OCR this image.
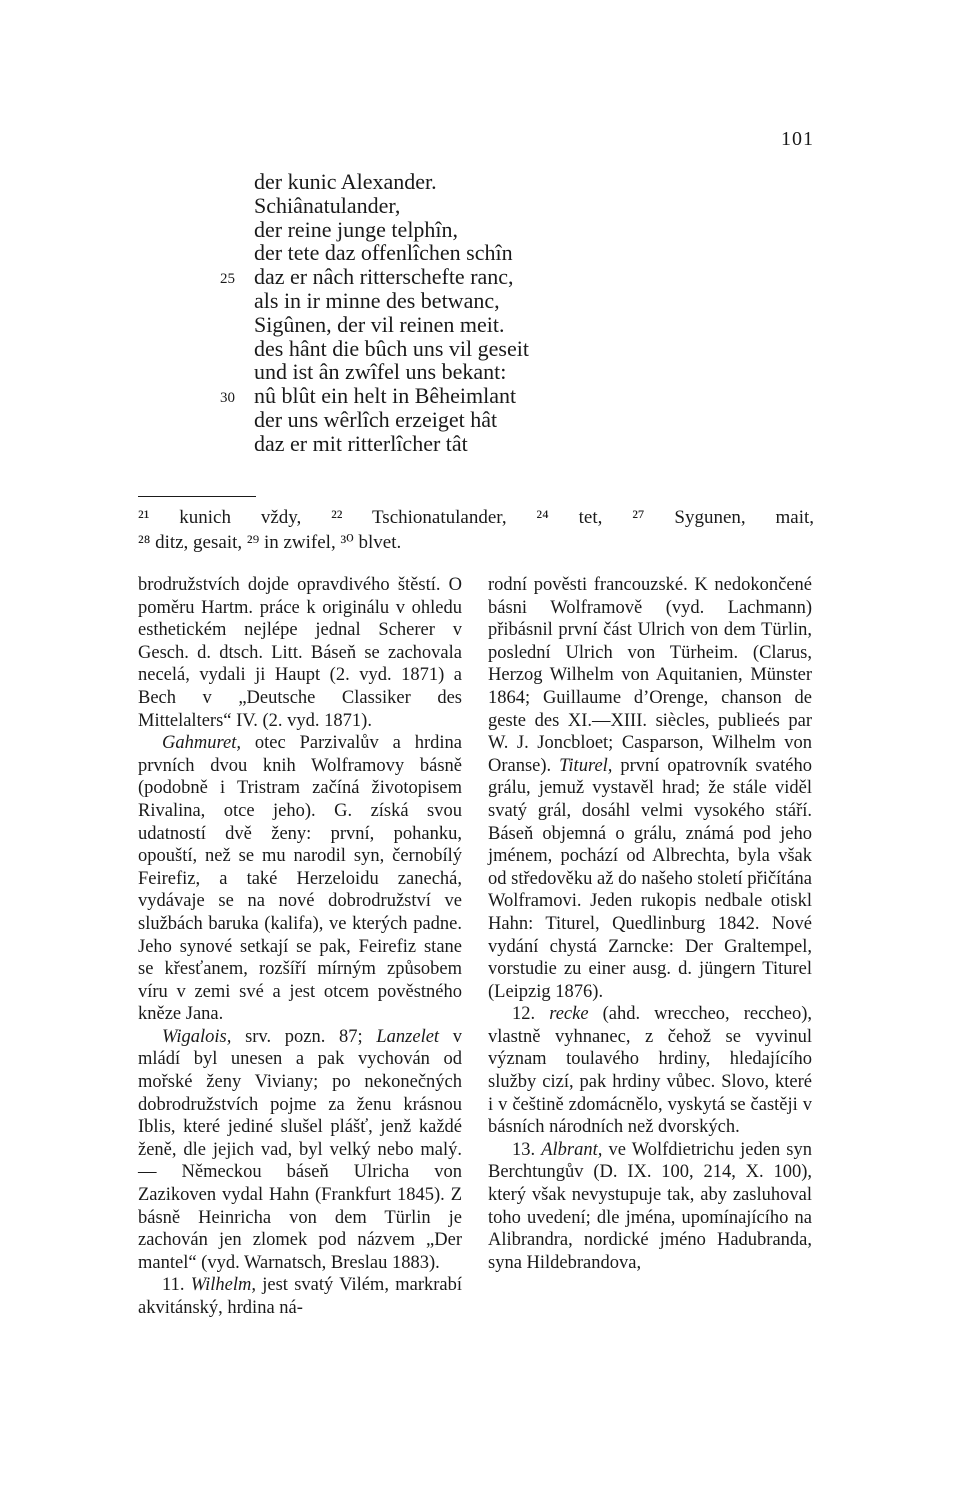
101
der kunic Alexander.
Schiânatulander,
der reine junge telphîn,
der tete daz offenlîchen schîn
25 daz er nâch ritterschefte ranc,
als in ir minne des betwanc,
Sigûnen, der vil reinen meit.
des hânt die bûch uns vil geseit
und ist ân zwîfel uns bekant:
30 nû blût ein helt in Bêheimlant
der uns wêrlîch erzeiget hât
daz er mit ritterlîcher tât
²¹ kunich vždy, ²² Tschionatulander, ²⁴ tet, ²⁷ Sygunen, mait,
²⁸ ditz, gesait, ²⁹ in zwifel, ³⁰ blvet.

brodružstvích dojde opravdivého štěstí. O poměru Hartm. práce k originálu v ohledu esthetickém nejlépe jednal Scherer v Gesch. d. dtsch. Litt. Báseň se zachovala necelá, vydali ji Haupt (2. vyd. 1871) a Bech v „Deutsche Classiker des Mittelalters“ IV. (2. vyd. 1871).

Gahmuret, otec Parzivalův a hrdina prvních dvou knih Wolframovy básně (podobně i Tristram začíná životopisem Rivalina, otce jeho). G. získá svou udatností dvě ženy: první, pohanku, opouští, než se mu narodil syn, černobílý Feirefiz, a také Herzeloidu zanechá, vydávaje se na nové dobrodružství ve službách baruka (kalifa), ve kterých padne. Jeho synové setkají se pak, Feirefiz stane se křesťanem, rozšíří mírným způsobem víru v zemi své a jest otcem pověstného kněze Jana.

Wigalois, srv. pozn. 87; Lanzelet v mládí byl unesen a pak vychován od mořské ženy Viviany; po nekonečných dobrodružstvích pojme za ženu krásnou Iblis, které jediné slušel plášť, jenž každé ženě, dle jejich vad, byl velký nebo malý. — Německou báseň Ulricha von Zazikoven vydal Hahn (Frankfurt 1845). Z básně Heinricha von dem Türlin je zachován jen zlomek pod názvem „Der mantel“ (vyd. Warnatsch, Breslau 1883).

11. Wilhelm, jest svatý Vilém, markrabí akvitánský, hrdina ná-

rodní pověsti francouzské. K nedokončené básni Wolframově (vyd. Lachmann) přibásnil první část Ulrich von dem Türlin, poslední Ulrich von Türheim. (Clarus, Herzog Wilhelm von Aquitanien, Münster 1864; Guillaume d’Orenge, chanson de geste des XI.—XIII. siècles, publieés par W. J. Joncbloet; Casparson, Wilhelm von Oranse). Titurel, první opatrovník svatého grálu, jemuž vystavěl hrad; že stále viděl svatý grál, dosáhl velmi vysokého stáří. Báseň objemná o grálu, známá pod jeho jménem, pochází od Albrechta, byla však od středověku až do našeho století přičítána Wolframovi. Jeden rukopis nedbale otiskl Hahn: Titurel, Quedlinburg 1842. Nové vydání chystá Zarncke: Der Graltempel, vorstudie zu einer ausg. d. jüngern Titurel (Leipzig 1876).

12. recke (ahd. wreccheo, reccheo), vlastně vyhnanec, z čehož se vyvinul význam toulavého hrdiny, hledajícího služby cizí, pak hrdiny vůbec. Slovo, které i v češtině zdomácnělo, vyskytá se častěji v básních národních než dvorských.

13. Albrant, ve Wolfdietrichu jeden syn Berchtungův (D. IX. 100, 214, X. 100), který však nevystupuje tak, aby zasluhoval toho uvedení; dle jména, upomínajícího na Alibrandra, nordické jméno Hadubranda, syna Hildebrandova,
